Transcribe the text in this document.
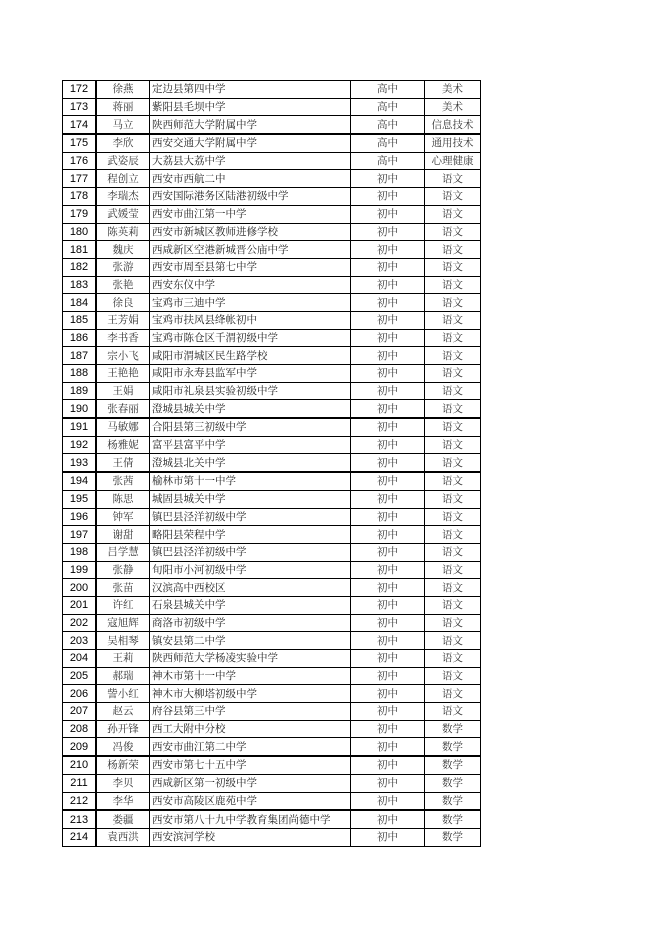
172	徐燕	定边县第四中学	高中	美术
173	蒋丽	紫阳县毛坝中学	高中	美术
174	马立	陕西师范大学附属中学	高中	信息技术
175	李欣	西安交通大学附属中学	高中	通用技术
176	武姿辰	大荔县大荔中学	高中	心理健康
177	程创立	西安市西航二中	初中	语文
178	李瑞杰	西安国际港务区陆港初级中学	初中	语文
179	武媛莹	西安市曲江第一中学	初中	语文
180	陈英莉	西安市新城区教师进修学校	初中	语文
181	魏庆	西咸新区空港新城晋公庙中学	初中	语文
182	张游	西安市周至县第七中学	初中	语文
183	张艳	西安东仪中学	初中	语文
184	徐良	宝鸡市三迪中学	初中	语文
185	王芳娟	宝鸡市扶风县绛帐初中	初中	语文
186	李书香	宝鸡市陈仓区千渭初级中学	初中	语文
187	宗小飞	咸阳市渭城区民生路学校	初中	语文
188	王艳艳	咸阳市永寿县监军中学	初中	语文
189	王娟	咸阳市礼泉县实验初级中学	初中	语文
190	张春丽	澄城县城关中学	初中	语文
191	马敏娜	合阳县第三初级中学	初中	语文
192	杨雅妮	富平县富平中学	初中	语文
193	王倩	澄城县北关中学	初中	语文
194	张茜	榆林市第十一中学	初中	语文
195	陈思	城固县城关中学	初中	语文
196	钟军	镇巴县泾洋初级中学	初中	语文
197	谢甜	略阳县荣程中学	初中	语文
198	吕学慧	镇巴县泾洋初级中学	初中	语文
199	张静	旬阳市小河初级中学	初中	语文
200	张苗	汉滨高中西校区	初中	语文
201	许红	石泉县城关中学	初中	语文
202	寇旭辉	商洛市初级中学	初中	语文
203	吴相琴	镇安县第二中学	初中	语文
204	王莉	陕西师范大学杨凌实验中学	初中	语文
205	郝瑞	神木市第十一中学	初中	语文
206	訾小红	神木市大柳塔初级中学	初中	语文
207	赵云	府谷县第三中学	初中	语文
208	孙开锋	西工大附中分校	初中	数学
209	冯俊	西安市曲江第二中学	初中	数学
210	杨新荣	西安市第七十五中学	初中	数学
211	李贝	西咸新区第一初级中学	初中	数学
212	李华	西安市高陵区鹿苑中学	初中	数学
213	娄疆	西安市第八十九中学教育集团尚德中学	初中	数学
214	袁西洪	西安滨河学校	初中	数学
